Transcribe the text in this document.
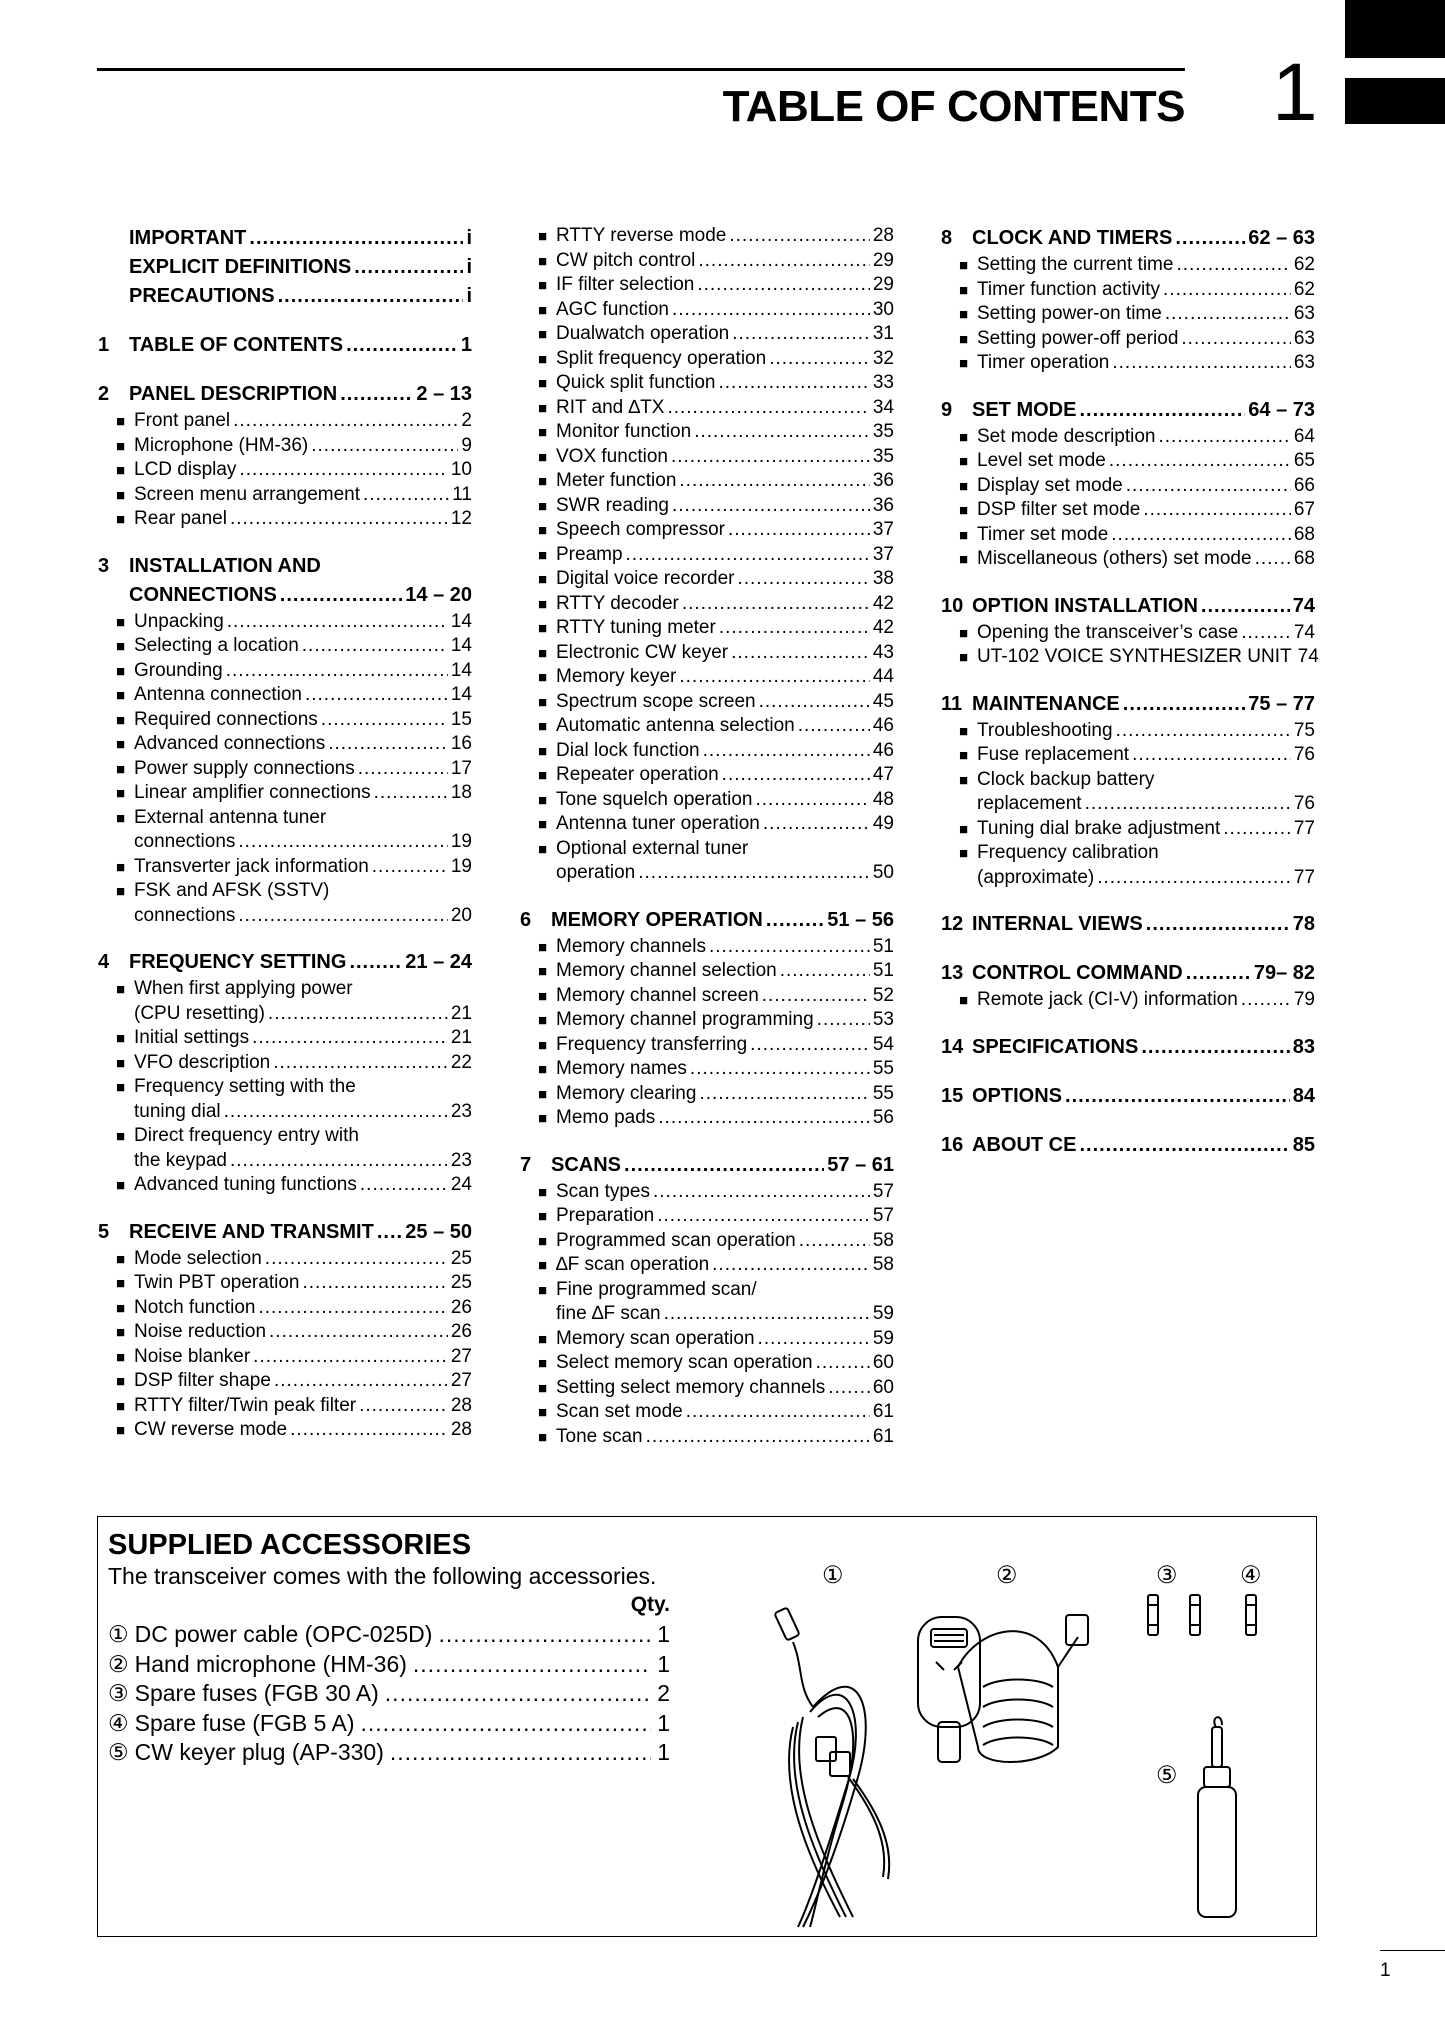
TABLE OF CONTENTS 1
IMPORTANT .....	i
EXPLICIT DEFINITIONS .....	i
PRECAUTIONS .....	i
1 TABLE OF CONTENTS .....	1
2 PANEL DESCRIPTION .....	2 – 13
■ Front panel .....	2
■ Microphone (HM-36) .....	9
■ LCD display .....	10
■ Screen menu arrangement .....	11
■ Rear panel .....	12
3 INSTALLATION AND
CONNECTIONS .....	14 – 20
■ Unpacking .....	14
■ Selecting a location .....	14
■ Grounding .....	14
■ Antenna connection .....	14
■ Required connections .....	15
■ Advanced connections .....	16
■ Power supply connections .....	17
■ Linear amplifier connections .....	18
■ External antenna tuner
connections .....	19
■ Transverter jack information .....	19
■ FSK and AFSK (SSTV)
connections .....	20
4 FREQUENCY SETTING .....	21 – 24
■ When first applying power
(CPU resetting) .....	21
■ Initial settings .....	21
■ VFO description .....	22
■ Frequency setting with the
tuning dial .....	23
■ Direct frequency entry with
the keypad .....	23
■ Advanced tuning functions .....	24
5 RECEIVE AND TRANSMIT ..... 25 – 50
■ Mode selection .....	25
■ Twin PBT operation .....	25
■ Notch function .....	26
■ Noise reduction .....	26
■ Noise blanker .....	27
■ DSP filter shape .....	27
■ RTTY filter/Twin peak filter .....	28
■ CW reverse mode .....	28
■ RTTY reverse mode .....	28
■ CW pitch control .....	29
■ IF filter selection .....	29
■ AGC function .....	30
■ Dualwatch operation .....	31
■ Split frequency operation .....	32
■ Quick split function .....	33
■ RIT and ∆TX .....	34
■ Monitor function .....	35
■ VOX function .....	35
■ Meter function .....	36
■ SWR reading .....	36
■ Speech compressor .....	37
■ Preamp .....	37
■ Digital voice recorder .....	38
■ RTTY decoder .....	42
■ RTTY tuning meter .....	42
■ Electronic CW keyer .....	43
■ Memory keyer .....	44
■ Spectrum scope screen .....	45
■ Automatic antenna selection .....	46
■ Dial lock function .....	46
■ Repeater operation .....	47
■ Tone squelch operation .....	48
■ Antenna tuner operation .....	49
■ Optional external tuner
operation .....	50
6 MEMORY OPERATION .....	51 – 56
■ Memory channels .....	51
■ Memory channel selection .....	51
■ Memory channel screen .....	52
■ Memory channel programming .....	53
■ Frequency transferring .....	54
■ Memory names .....	55
■ Memory clearing .....	55
■ Memo pads .....	56
7 SCANS .....	57 – 61
■ Scan types .....	57
■ Preparation .....	57
■ Programmed scan operation .....	58
■ ∆F scan operation .....	58
■ Fine programmed scan/
fine ∆F scan .....	59
■ Memory scan operation .....	59
■ Select memory scan operation .....	60
■ Setting select memory channels .....	60
■ Scan set mode .....	61
■ Tone scan .....	61
8 CLOCK AND TIMERS .....	62 – 63
■ Setting the current time .....	62
■ Timer function activity .....	62
■ Setting power-on time .....	63
■ Setting power-off period .....	63
■ Timer operation .....	63
9 SET MODE .....	64 – 73
■ Set mode description .....	64
■ Level set mode .....	65
■ Display set mode .....	66
■ DSP filter set mode .....	67
■ Timer set mode .....	68
■ Miscellaneous (others) set mode ..... 68
10 OPTION INSTALLATION .....	74
■ Opening the transceiver’s case .....	74
■ UT-102 VOICE SYNTHESIZER UNIT 74
11 MAINTENANCE .....	75 – 77
■ Troubleshooting .....	75
■ Fuse replacement .....	76
■ Clock backup battery
replacement .....	76
■ Tuning dial brake adjustment .....	77
■ Frequency calibration
(approximate) .....	77
12 INTERNAL VIEWS .....	78
13 CONTROL COMMAND .....	79– 82
■ Remote jack (CI-V) information .....	79
14 SPECIFICATIONS .....	83
15 OPTIONS .....	84
16 ABOUT CE .....	85
SUPPLIED ACCESSORIES
The transceiver comes with the following accessories.
Qty.
① DC power cable (OPC-025D) .....	1
② Hand microphone (HM-36) .....	1
③ Spare fuses (FGB 30 A) .....	2
④ Spare fuse (FGB 5 A) .....	1
⑤ CW keyer plug (AP-330) .....	1
①	②	③	④
⑤
1
